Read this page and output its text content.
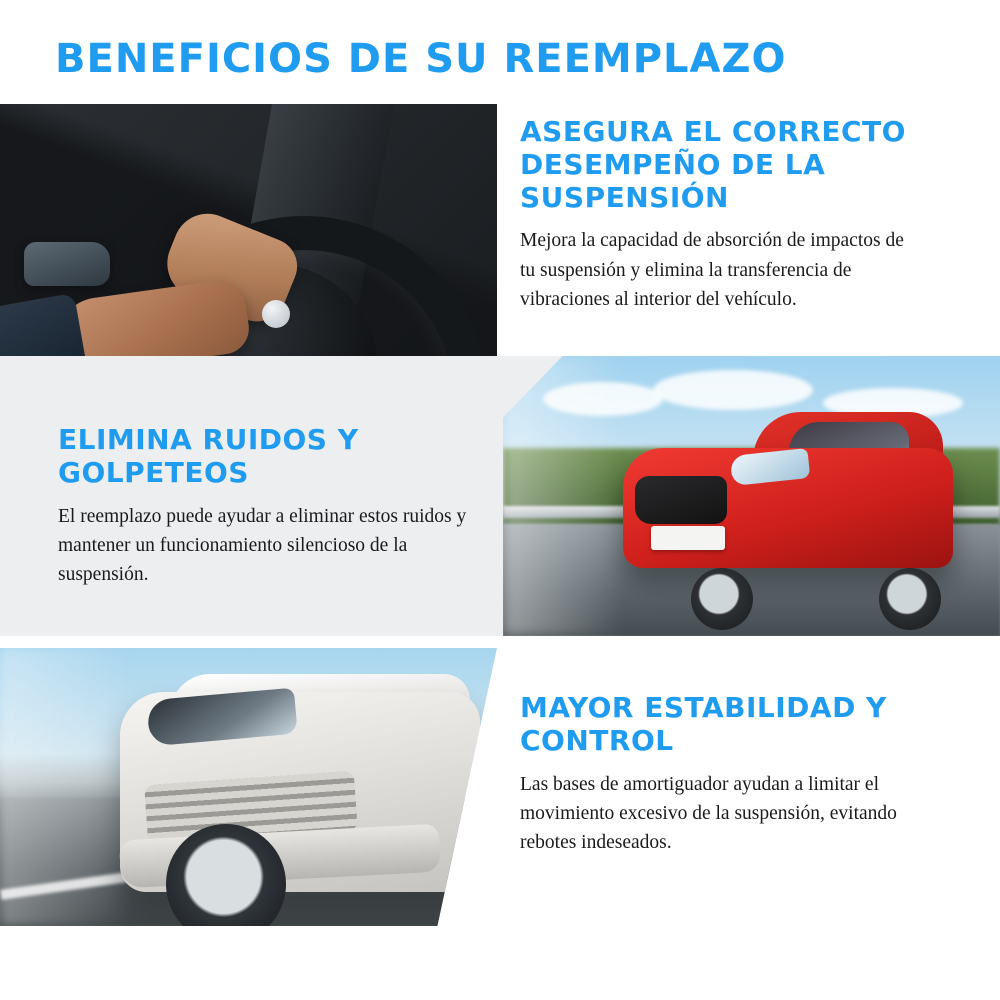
BENEFICIOS DE SU REEMPLAZO
ASEGURA EL CORRECTO DESEMPEÑO DE LA SUSPENSIÓN

Mejora la capacidad de absorción de impactos de tu suspensión y elimina la transferencia de vibraciones al interior del vehículo.

ELIMINA RUIDOS Y GOLPETEOS

El reemplazo puede ayudar a eliminar estos ruidos y mantener un funcionamiento silencioso de la suspensión.

MAYOR ESTABILIDAD Y CONTROL

Las bases de amortiguador ayudan a limitar el movimiento excesivo de la suspensión, evitando rebotes indeseados.
